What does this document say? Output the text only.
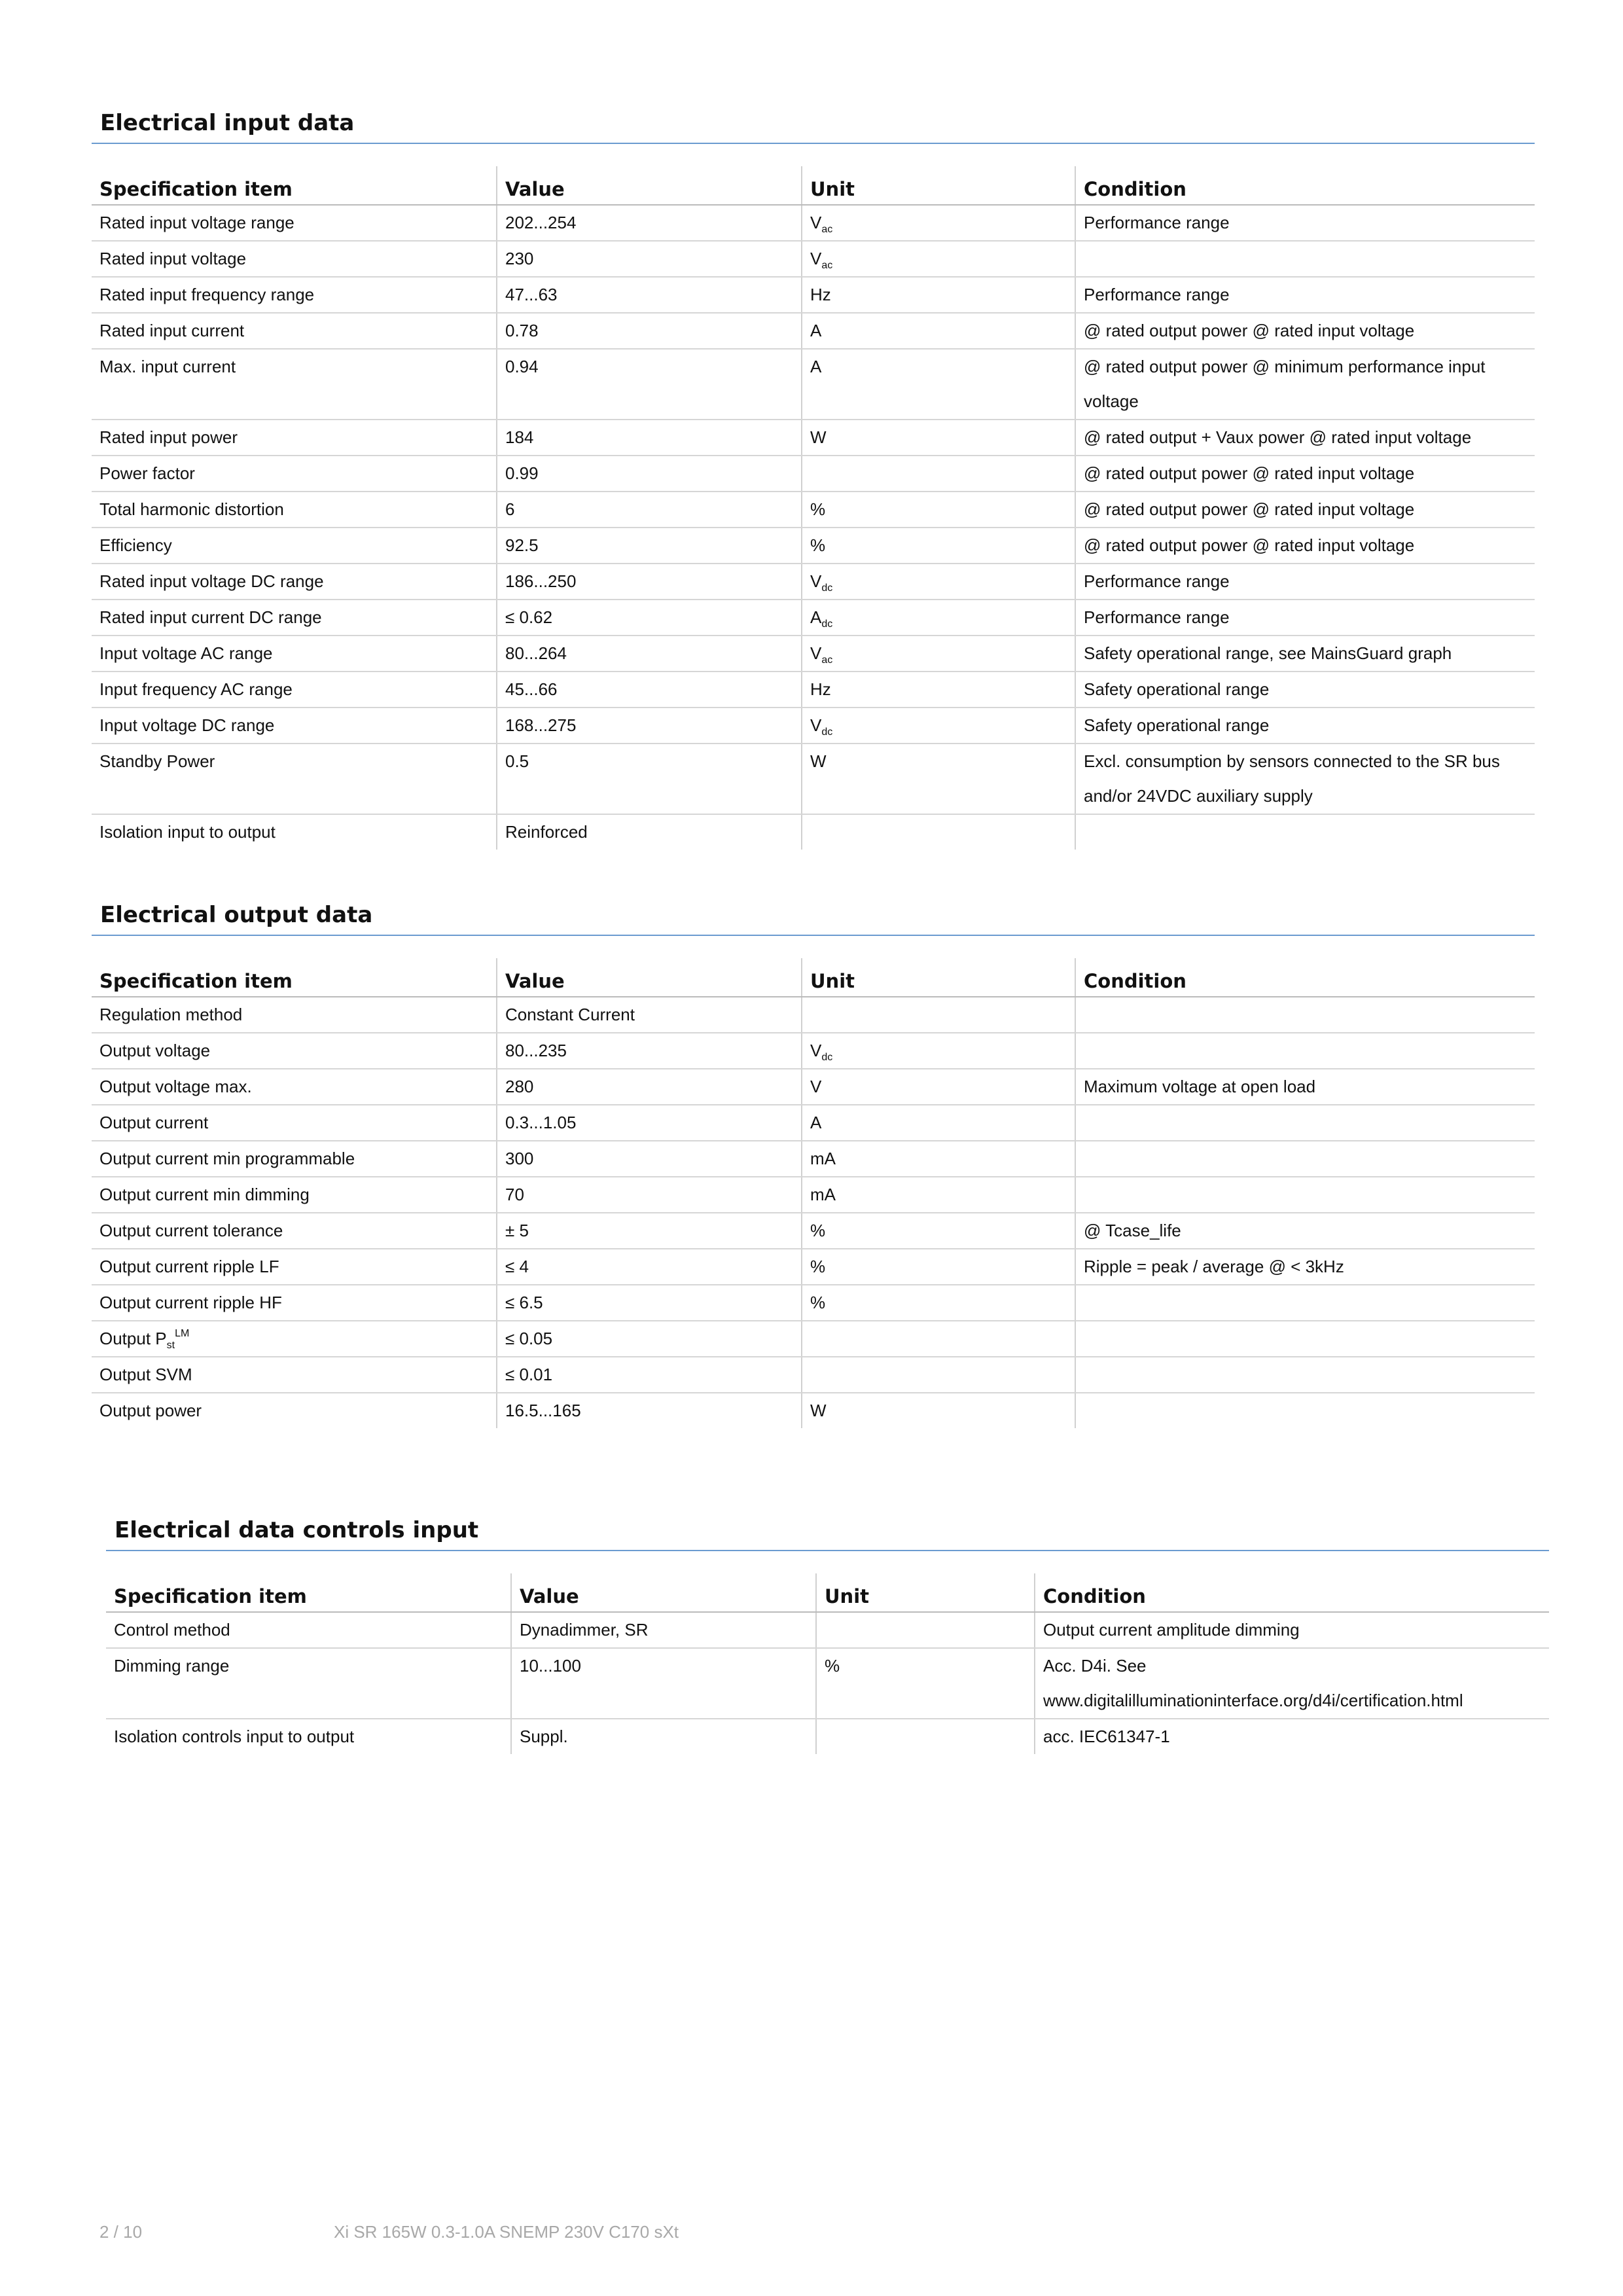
Electrical input data
Specification item	Value	Unit	Condition
Rated input voltage range	202...254	$V_{ac}$	Performance range
Rated input voltage	230	$V_{ac}$	
Rated input frequency range	47...63	Hz	Performance range
Rated input current	0.78	A	@ rated output power @ rated input voltage
Max. input current	0.94	A	@ rated output power @ minimum performance input voltage
Rated input power	184	W	@ rated output + Vaux power @ rated input voltage
Power factor	0.99		@ rated output power @ rated input voltage
Total harmonic distortion	6	%	@ rated output power @ rated input voltage
Efficiency	92.5	%	@ rated output power @ rated input voltage
Rated input voltage DC range	186...250	$V_{dc}$	Performance range
Rated input current DC range	≤ 0.62	$A_{dc}$	Performance range
Input voltage AC range	80...264	$V_{ac}$	Safety operational range, see MainsGuard graph
Input frequency AC range	45...66	Hz	Safety operational range
Input voltage DC range	168...275	$V_{dc}$	Safety operational range
Standby Power	0.5	W	Excl. consumption by sensors connected to the SR bus and/or 24VDC auxiliary supply
Isolation input to output	Reinforced		
Electrical output data
Specification item	Value	Unit	Condition
Regulation method	Constant Current		
Output voltage	80...235	$V_{dc}$	
Output voltage max.	280	V	Maximum voltage at open load
Output current	0.3...1.05	A	
Output current min programmable	300	mA	
Output current min dimming	70	mA	
Output current tolerance	± 5	%	@ Tcase_life
Output current ripple LF	≤ 4	%	Ripple = peak / average @ < 3kHz
Output current ripple HF	≤ 6.5	%	
Output $P_{st}^{LM}$	≤ 0.05		
Output SVM	≤ 0.01		
Output power	16.5...165	W	
Electrical data controls input
Specification item	Value	Unit	Condition
Control method	Dynadimmer, SR		Output current amplitude dimming
Dimming range	10...100	%	Acc. D4i. See www.digitalilluminationinterface.org/d4i/certification.html
Isolation controls input to output	Suppl.		acc. IEC61347-1
2 / 10	Xi SR 165W 0.3-1.0A SNEMP 230V C170 sXt
